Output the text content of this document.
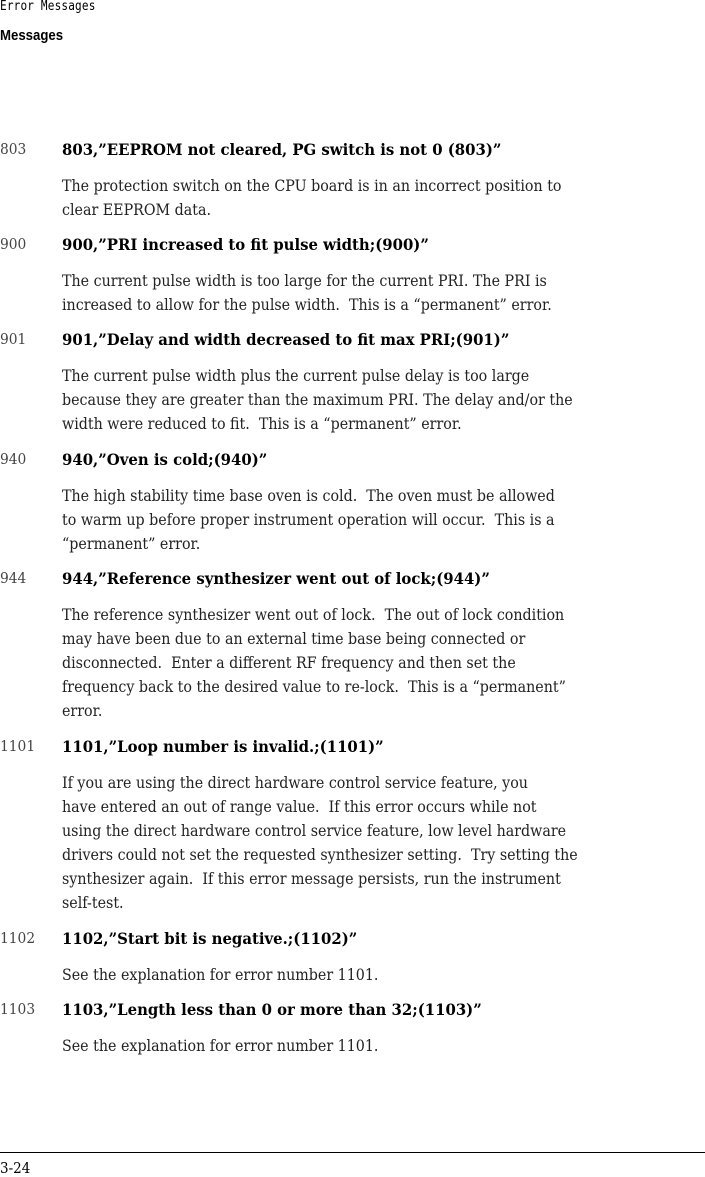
Error Messages
Messages
803 803,”EEPROM not cleared, PG switch is not 0 (803)”
The protection switch on the CPU board is in an incorrect position to
clear EEPROM data.
900 900,”PRI increased to fit pulse width;(900)”
The current pulse width is too large for the current PRI. The PRI is
increased to allow for the pulse width.  This is a “permanent” error.
901 901,”Delay and width decreased to fit max PRI;(901)”
The current pulse width plus the current pulse delay is too large
because they are greater than the maximum PRI. The delay and/or the
width were reduced to fit.  This is a “permanent” error.
940 940,”Oven is cold;(940)”
The high stability time base oven is cold.  The oven must be allowed
to warm up before proper instrument operation will occur.  This is a
“permanent” error.
944 944,”Reference synthesizer went out of lock;(944)”
The reference synthesizer went out of lock.  The out of lock condition
may have been due to an external time base being connected or
disconnected.  Enter a different RF frequency and then set the
frequency back to the desired value to re-lock.  This is a “permanent”
error.
1101 1101,”Loop number is invalid.;(1101)”
If you are using the direct hardware control service feature, you
have entered an out of range value.  If this error occurs while not
using the direct hardware control service feature, low level hardware
drivers could not set the requested synthesizer setting.  Try setting the
synthesizer again.  If this error message persists, run the instrument
self-test.
1102 1102,”Start bit is negative.;(1102)”
See the explanation for error number 1101.
1103 1103,”Length less than 0 or more than 32;(1103)”
See the explanation for error number 1101.
3-24
